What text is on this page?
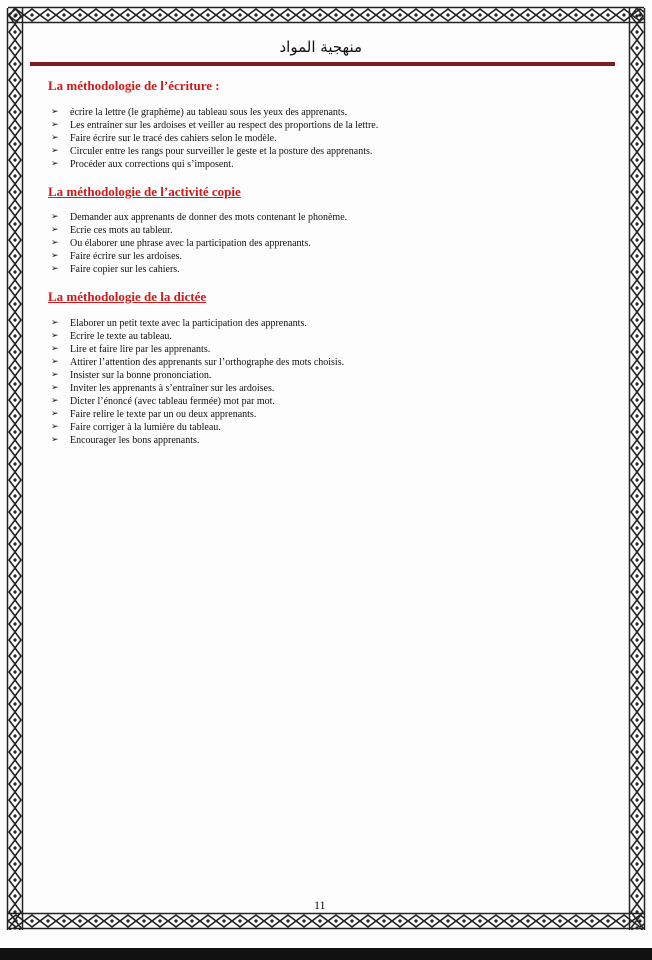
منهجية المواد
La méthodologie de l’écriture :
➢ écrire la lettre (le graphème) au tableau sous les yeux des apprenants.
➢ Les entrainer sur les ardoises et veiller au respect des proportions de la lettre.
➢ Faire écrire sur le tracé des cahiers selon le modèle.
➢ Circuler entre les rangs pour surveiller le geste et la posture des apprenants.
➢ Procéder aux corrections qui s’imposent.
La méthodologie de l’activité copie
➢ Demander aux apprenants de donner des mots contenant le phonème.
➢ Ecrie ces mots au tableur.
➢ Ou élaborer une phrase avec la participation des apprenants.
➢ Faire écrire sur les ardoises.
➢ Faire copier sur les cahiers.
La méthodologie de la dictée
➢ Elaborer un petit texte avec la participation des apprenants.
➢ Ecrire le texte au tableau.
➢ Lire et faire lire par les apprenants.
➢ Attirer l’attention des apprenants sur l’orthographe des mots choisis.
➢ Insister sur la bonne prononciation.
➢ Inviter les apprenants à s’entraîner sur les ardoises.
➢ Dicter l’énoncé (avec tableau fermée) mot par mot.
➢ Faire relire le texte par un ou deux apprenants.
➢ Faire corriger à la lumière du tableau.
➢ Encourager les bons apprenants.
11
